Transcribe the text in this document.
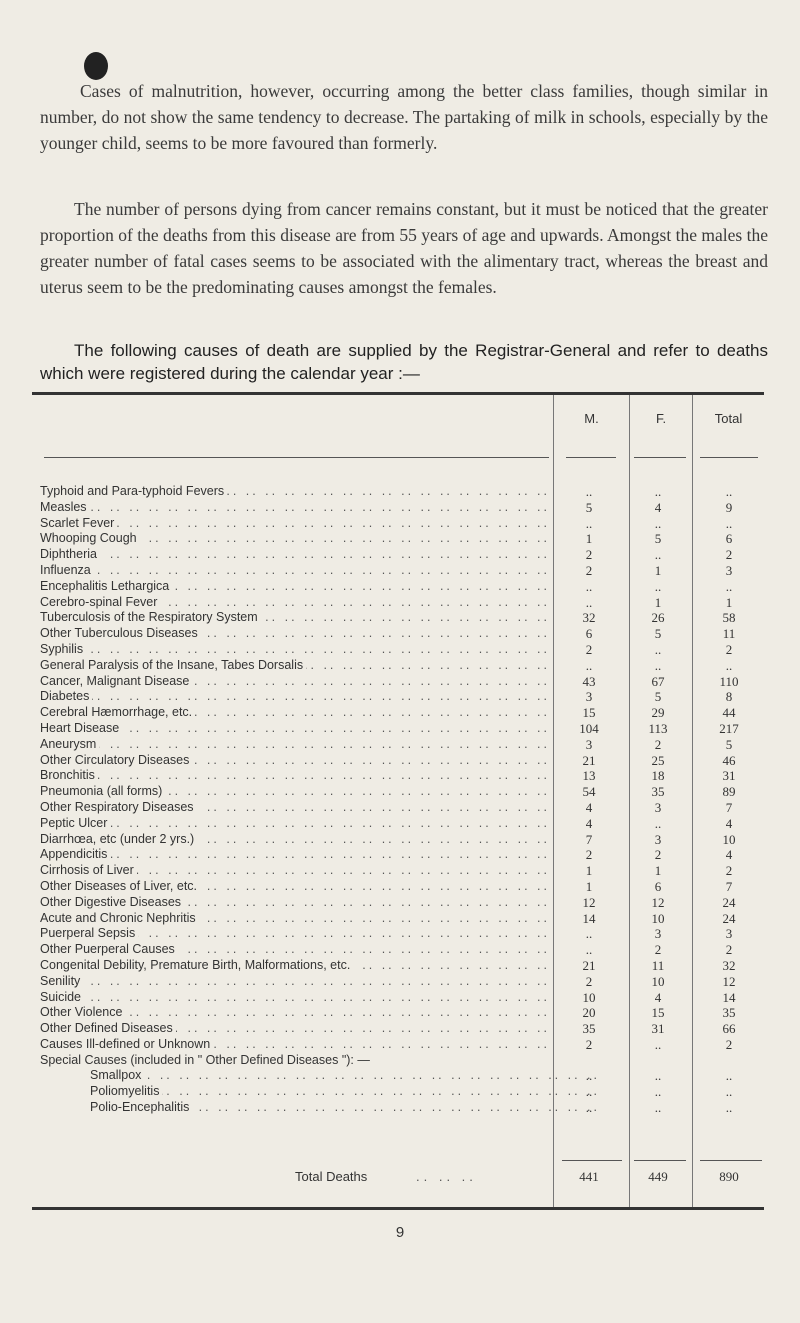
Cases of malnutrition, however, occurring among the better class families, though similar in number, do not show the same tendency to decrease. The partaking of milk in schools, especially by the younger child, seems to be more favoured than formerly.

The number of persons dying from cancer remains constant, but it must be noticed that the greater proportion of the deaths from this disease are from 55 years of age and upwards. Amongst the males the greater number of fatal cases seems to be associated with the alimentary tract, whereas the breast and uterus seem to be the predominating causes amongst the females.

The following causes of death are supplied by the Registrar-General and refer to deaths which were registered during the calendar year :—

M.	F.	Total
Typhoid and Para-typhoid Fevers .. ..	..	..	..
Measles .. ..	5	4	9
Scarlet Fever .. ..	..	..	..
Whooping Cough .. ..	1	5	6
Diphtheria .. ..	2	..	2
Influenza .. ..	2	1	3
Encephalitis Lethargica .. ..	..	..	..
Cerebro-spinal Fever .. ..	..	1	1
Tuberculosis of the Respiratory System .. ..	32	26	58
Other Tuberculous Diseases .. ..	6	5	11
Syphilis .. ..	2	..	2
General Paralysis of the Insane, Tabes Dorsalis .. ..	..	..	..
Cancer, Malignant Disease .. ..	43	67	110
Diabetes .. ..	3	5	8
Cerebral Hæmorrhage, etc. .. ..	15	29	44
Heart Disease .. ..	104	113	217
Aneurysm .. ..	3	2	5
Other Circulatory Diseases .. ..	21	25	46
Bronchitis .. ..	13	18	31
Pneumonia (all forms) .. ..	54	35	89
Other Respiratory Diseases .. ..	4	3	7
Peptic Ulcer .. ..	4	..	4
Diarrhœa, etc (under 2 yrs.) .. ..	7	3	10
Appendicitis .. ..	2	2	4
Cirrhosis of Liver .. ..	1	1	2
Other Diseases of Liver, etc. .. ..	1	6	7
Other Digestive Diseases .. ..	12	12	24
Acute and Chronic Nephritis .. ..	14	10	24
Puerperal Sepsis .. ..	..	3	3
Other Puerperal Causes .. ..	..	2	2
Congenital Debility, Premature Birth, Malformations, etc. .. ..	21	11	32
Senility .. ..	2	10	12
Suicide .. ..	10	4	14
Other Violence .. ..	20	15	35
Other Defined Diseases .. ..	35	31	66
Causes Ill-defined or Unknown .. ..	2	..	2
Special Causes (included in " Other Defined Diseases "): —
Smallpox .. ..	..	..	..
Poliomyelitis .. ..	..	..	..
Polio-Encephalitis .. ..	..	..	..
Total Deaths	.. .. ..	441	449	890
9
